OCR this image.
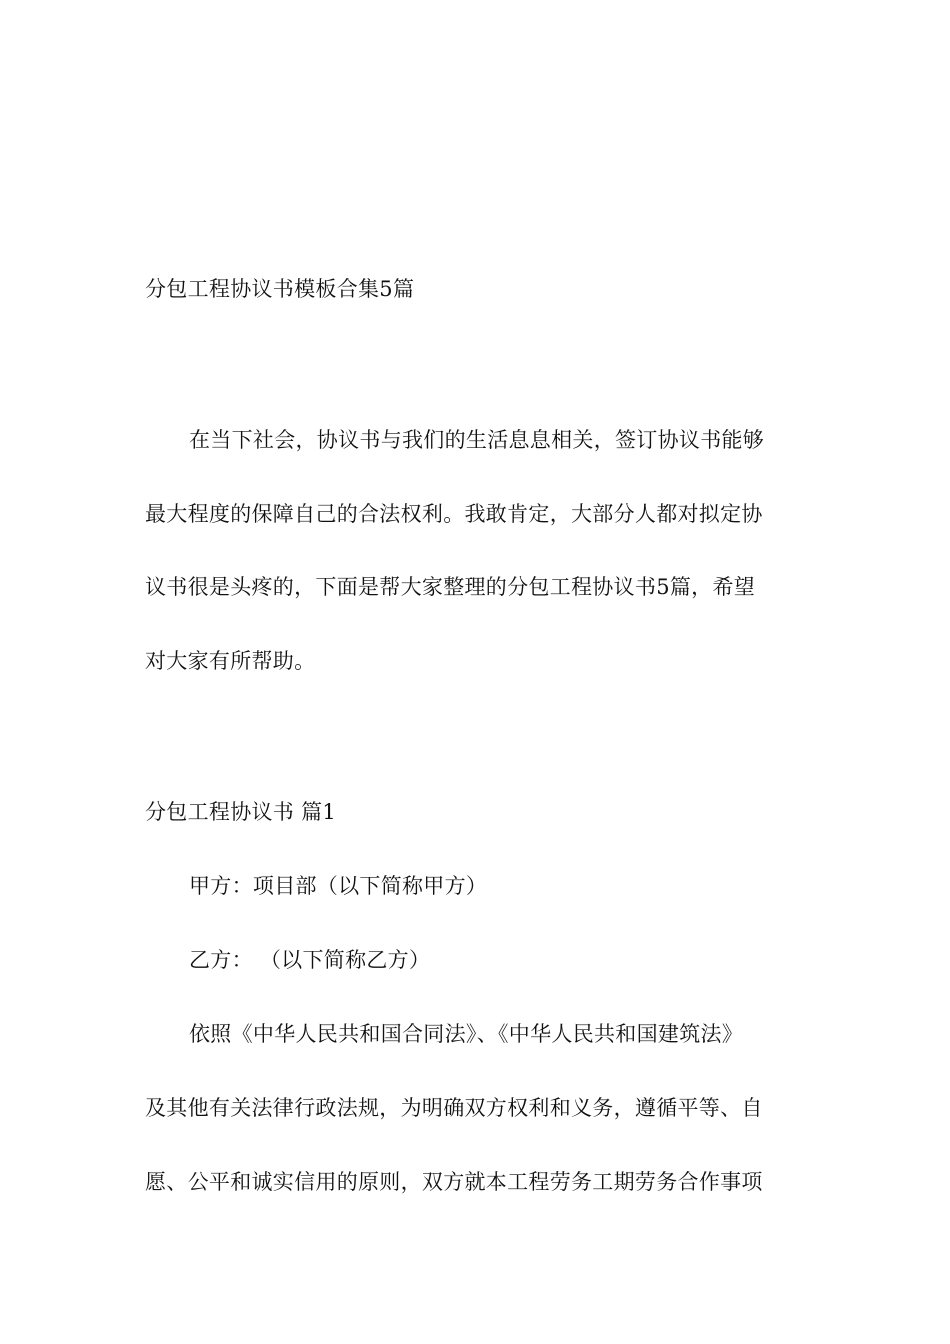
分包工程协议书模板合集5篇
在当下社会，协议书与我们的生活息息相关，签订协议书能够
最大程度的保障自己的合法权利。我敢肯定，大部分人都对拟定协
议书很是头疼的，下面是帮大家整理的分包工程协议书5篇，希望
对大家有所帮助。
分包工程协议书 篇1
甲方：项目部（以下简称甲方）
乙方： （以下简称乙方）
依照《中华人民共和国合同法》、《中华人民共和国建筑法》
及其他有关法律行政法规，为明确双方权利和义务，遵循平等、自
愿、公平和诚实信用的原则，双方就本工程劳务工期劳务合作事项
